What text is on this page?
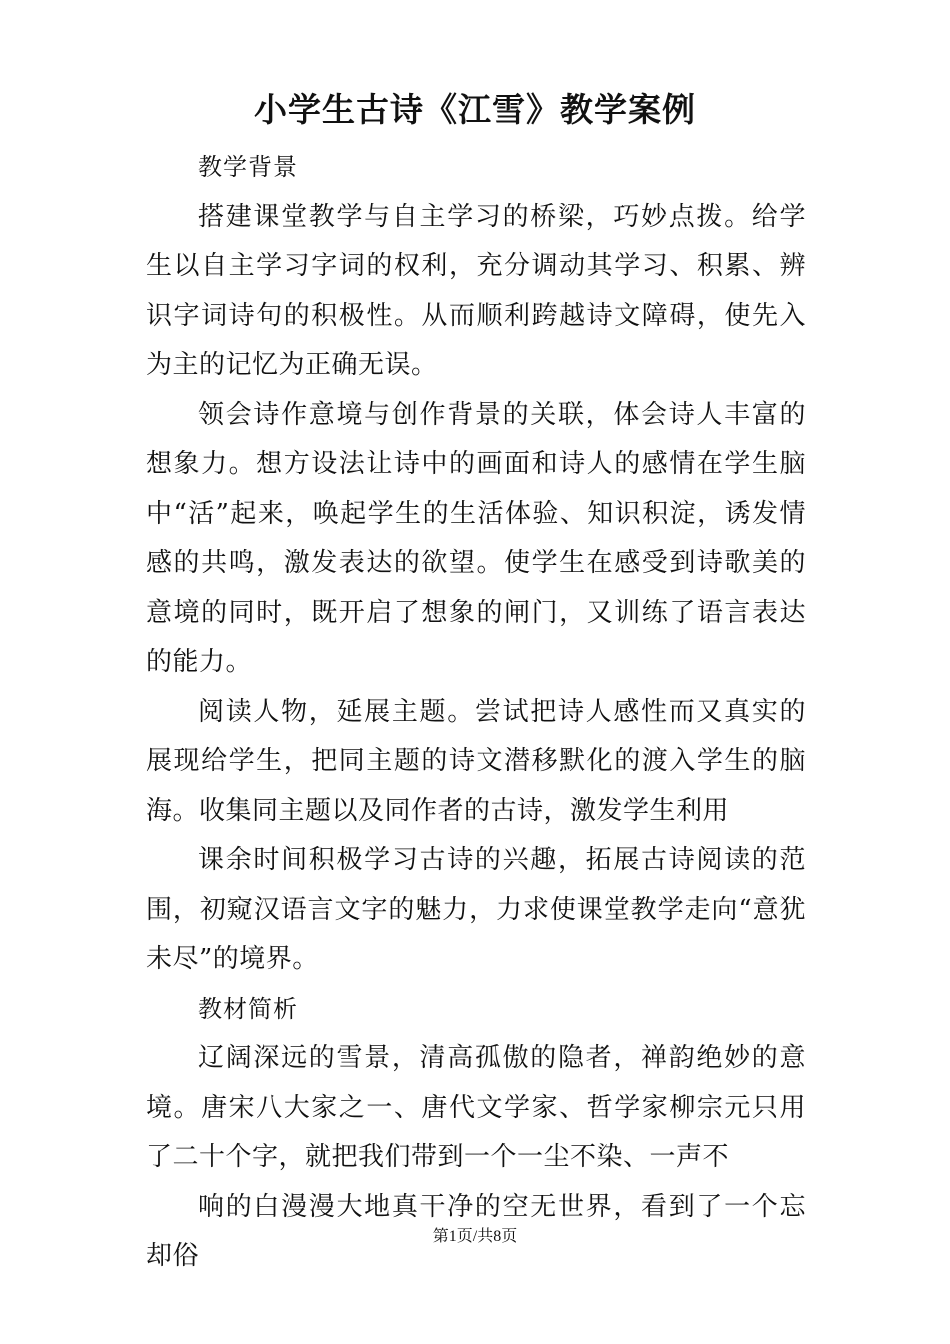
小学生古诗《江雪》教学案例

教学背景

搭建课堂教学与自主学习的桥梁，巧妙点拨。给学生以自主学习字词的权利，充分调动其学习、积累、辨识字词诗句的积极性。从而顺利跨越诗文障碍，使先入为主的记忆为正确无误。

领会诗作意境与创作背景的关联，体会诗人丰富的想象力。想方设法让诗中的画面和诗人的感情在学生脑中“活”起来，唤起学生的生活体验、知识积淀，诱发情感的共鸣，激发表达的欲望。使学生在感受到诗歌美的意境的同时，既开启了想象的闸门，又训练了语言表达的能力。

阅读人物，延展主题。尝试把诗人感性而又真实的展现给学生，把同主题的诗文潜移默化的渡入学生的脑海。收集同主题以及同作者的古诗，激发学生利用

课余时间积极学习古诗的兴趣，拓展古诗阅读的范围，初窥汉语言文字的魅力，力求使课堂教学走向“意犹未尽”的境界。

教材简析

辽阔深远的雪景，清高孤傲的隐者，禅韵绝妙的意境。唐宋八大家之一、唐代文学家、哲学家柳宗元只用了二十个字，就把我们带到一个一尘不染、一声不

响的白漫漫大地真干净的空无世界，看到了一个忘却俗

第1页/共8页
